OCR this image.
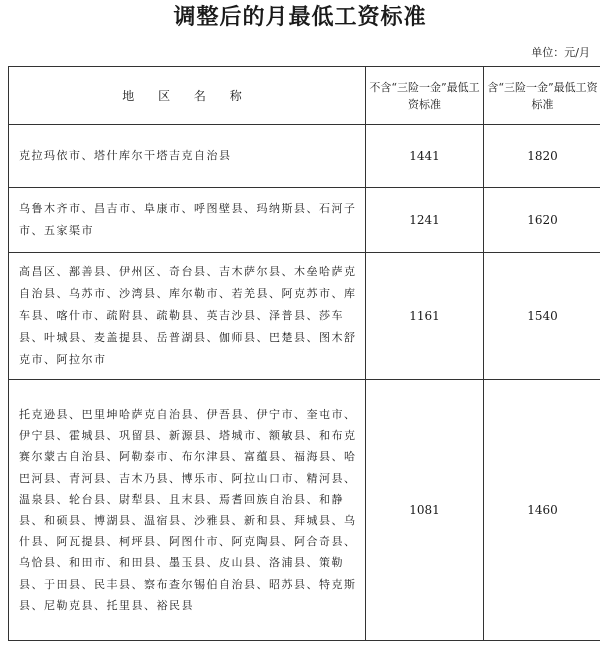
调整后的月最低工资标准
单位：元/月
地 区 名 称	不含“三险一金”最低工资标准	含“三险一金”最低工资标准
克拉玛依市、塔什库尔干塔吉克自治县	1441	1820
乌鲁木齐市、昌吉市、阜康市、呼图壁县、玛纳斯县、石河子市、五家渠市	1241	1620
高昌区、鄯善县、伊州区、奇台县、吉木萨尔县、木垒哈萨克自治县、乌苏市、沙湾县、库尔勒市、若羌县、阿克苏市、库车县、喀什市、疏附县、疏勒县、英吉沙县、泽普县、莎车县、叶城县、麦盖提县、岳普湖县、伽师县、巴楚县、图木舒克市、阿拉尔市	1161	1540
托克逊县、巴里坤哈萨克自治县、伊吾县、伊宁市、奎屯市、伊宁县、霍城县、巩留县、新源县、塔城市、额敏县、和布克赛尔蒙古自治县、阿勒泰市、布尔津县、富蕴县、福海县、哈巴河县、青河县、吉木乃县、博乐市、阿拉山口市、精河县、温泉县、轮台县、尉犁县、且末县、焉耆回族自治县、和静县、和硕县、博湖县、温宿县、沙雅县、新和县、拜城县、乌什县、阿瓦提县、柯坪县、阿图什市、阿克陶县、阿合奇县、乌恰县、和田市、和田县、墨玉县、皮山县、洛浦县、策勒县、于田县、民丰县、察布查尔锡伯自治县、昭苏县、特克斯县、尼勒克县、托里县、裕民县	1081	1460
